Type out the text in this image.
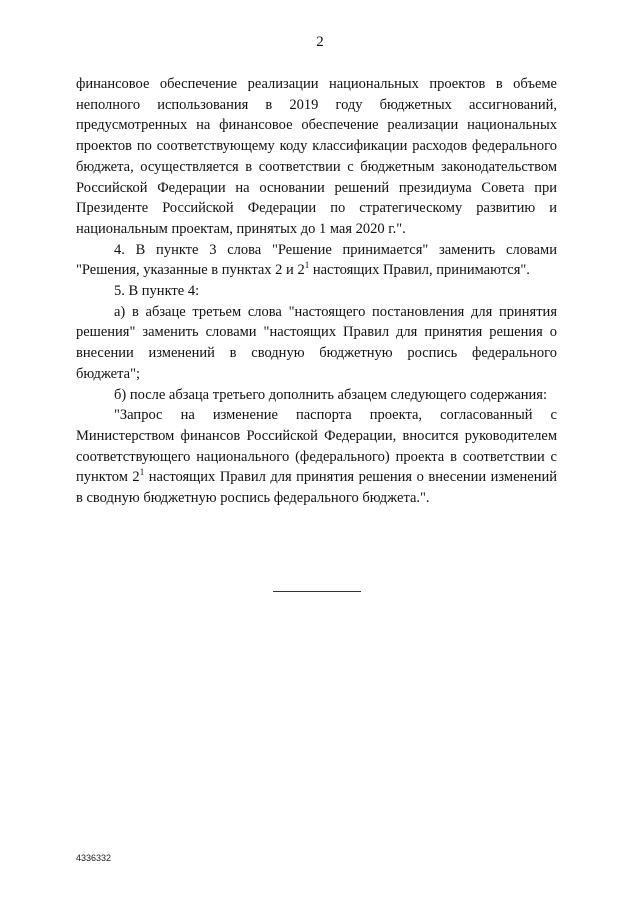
2

финансовое обеспечение реализации национальных проектов в объеме неполного использования в 2019 году бюджетных ассигнований, предусмотренных на финансовое обеспечение реализации национальных проектов по соответствующему коду классификации расходов федерального бюджета, осуществляется в соответствии с бюджетным законодательством Российской Федерации на основании решений президиума Совета при Президенте Российской Федерации по стратегическому развитию и национальным проектам, принятых до 1 мая 2020 г.".

4. В пункте 3 слова "Решение принимается" заменить словами "Решения, указанные в пунктах 2 и $2^1$ настоящих Правил, принимаются".

5. В пункте 4:

а) в абзаце третьем слова "настоящего постановления для принятия решения" заменить словами "настоящих Правил для принятия решения о внесении изменений в сводную бюджетную роспись федерального бюджета";

б) после абзаца третьего дополнить абзацем следующего содержания:

"Запрос на изменение паспорта проекта, согласованный с Министерством финансов Российской Федерации, вносится руководителем соответствующего национального (федерального) проекта в соответствии с пунктом $2^1$ настоящих Правил для принятия решения о внесении изменений в сводную бюджетную роспись федерального бюджета.".

4336332
